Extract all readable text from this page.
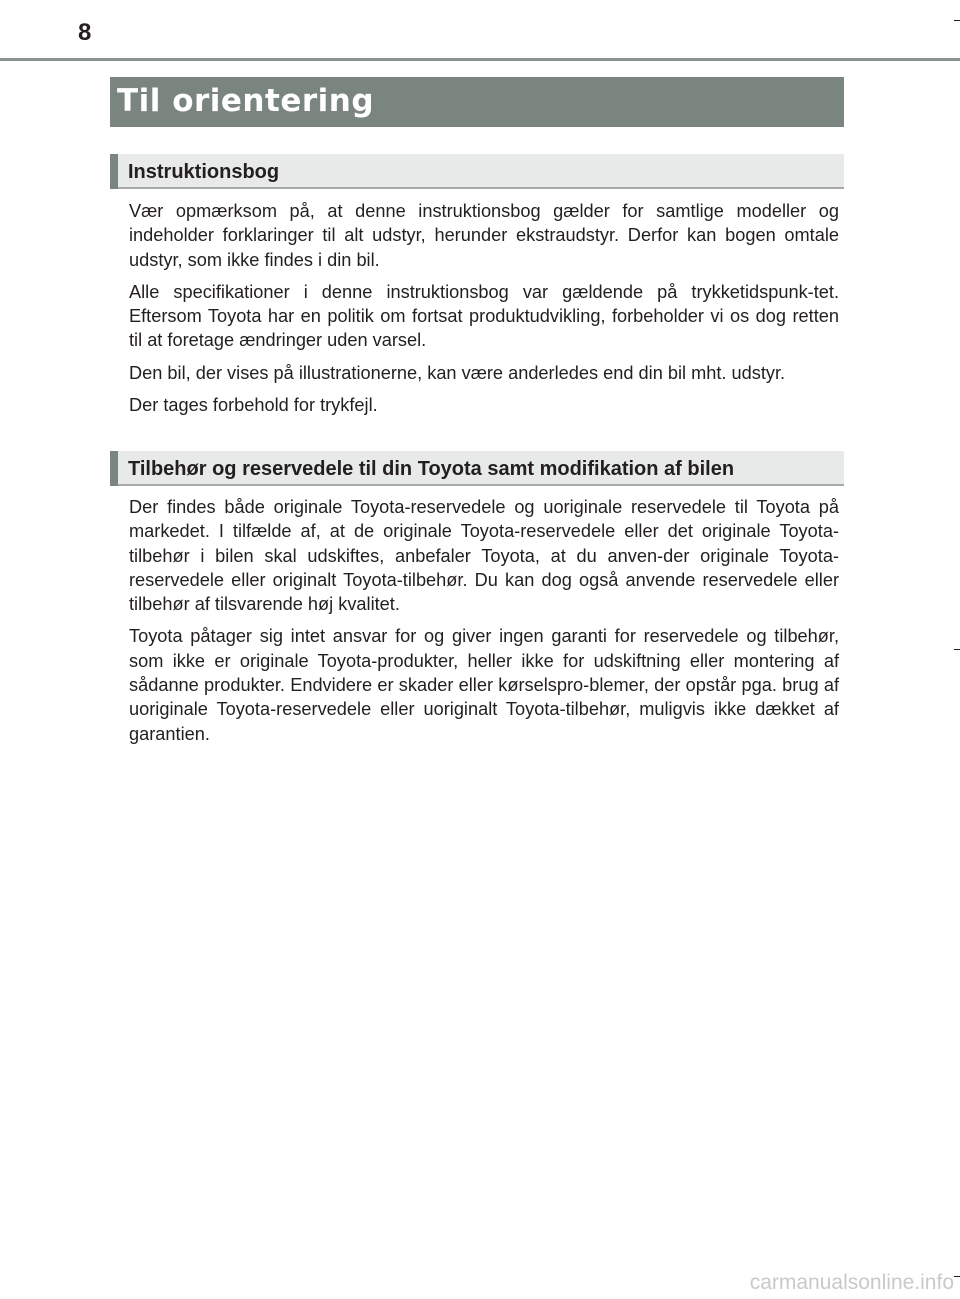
8
Til orientering
Instruktionsbog

Vær opmærksom på, at denne instruktionsbog gælder for samtlige modeller og indeholder forklaringer til alt udstyr, herunder ekstraudstyr. Derfor kan bogen omtale udstyr, som ikke findes i din bil.

Alle specifikationer i denne instruktionsbog var gældende på trykketidspunk-tet. Eftersom Toyota har en politik om fortsat produktudvikling, forbeholder vi os dog retten til at foretage ændringer uden varsel.

Den bil, der vises på illustrationerne, kan være anderledes end din bil mht. udstyr.

Der tages forbehold for trykfejl.

Tilbehør og reservedele til din Toyota samt modifikation af bilen

Der findes både originale Toyota-reservedele og uoriginale reservedele til Toyota på markedet. I tilfælde af, at de originale Toyota-reservedele eller det originale Toyota-tilbehør i bilen skal udskiftes, anbefaler Toyota, at du anven-der originale Toyota-reservedele eller originalt Toyota-tilbehør. Du kan dog også anvende reservedele eller tilbehør af tilsvarende høj kvalitet.

Toyota påtager sig intet ansvar for og giver ingen garanti for reservedele og tilbehør, som ikke er originale Toyota-produkter, heller ikke for udskiftning eller montering af sådanne produkter. Endvidere er skader eller kørselspro-blemer, der opstår pga. brug af uoriginale Toyota-reservedele eller uoriginalt Toyota-tilbehør, muligvis ikke dækket af garantien.

carmanualsonline.info
